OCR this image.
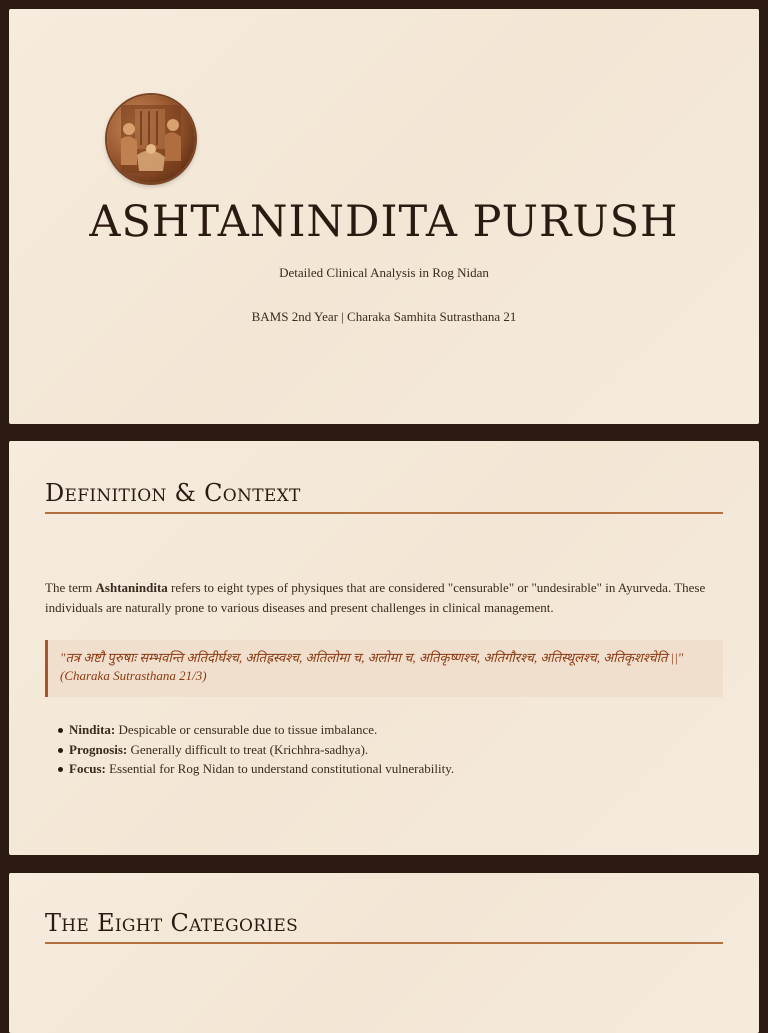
ASHTANINDITA PURUSH
Detailed Clinical Analysis in Rog Nidan
BAMS 2nd Year | Charaka Samhita Sutrasthana 21
Definition & Context
The term Ashtanindita refers to eight types of physiques that are considered "censurable" or "undesirable" in Ayurveda. These individuals are naturally prone to various diseases and present challenges in clinical management.
"तत्र अष्टौ पुरुषाः सम्भवन्ति अतिदीर्घश्च, अतिह्रस्वश्च, अतिलोमा च, अलोमा च, अतिकृष्णश्च, अतिगौरश्च, अतिस्थूलश्च, अतिकृशश्चेति ||"
(Charaka Sutrasthana 21/3)
Nindita: Despicable or censurable due to tissue imbalance.
Prognosis: Generally difficult to treat (Krichhra-sadhya).
Focus: Essential for Rog Nidan to understand constitutional vulnerability.
The Eight Categories
